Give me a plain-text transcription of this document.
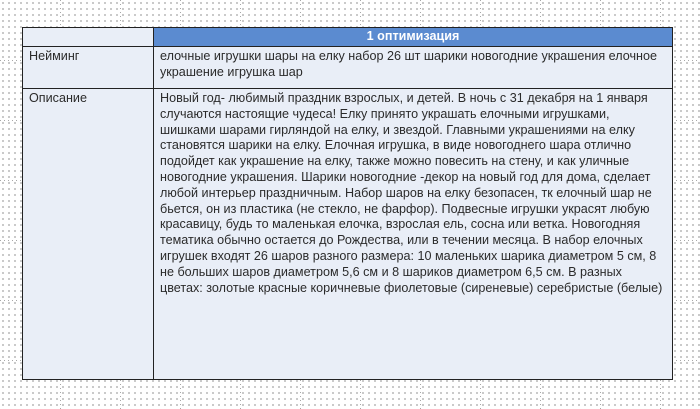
	1 оптимизация
Нейминг	елочные игрушки шары на елку набор 26 шт шарики новогодние украшения елочное украшение игрушка шар
Описание	Новый год- любимый праздник взрослых, и детей. В ночь с 31 декабря на 1 января случаются настоящие чудеса! Елку принято украшать елочными игрушками, шишками шарами гирляндой на елку, и звездой. Главными украшениями на елку становятся шарики на елку. Елочная игрушка, в виде новогоднего шара отлично подойдет как украшение на елку, также можно повесить на стену, и как уличные новогодние украшения. Шарики новогодние -декор на новый год для дома, сделает любой интерьер праздничным. Набор шаров на елку безопасен, тк елочный шар не бьется, он из пластика (не стекло, не фарфор). Подвесные игрушки украсят любую красавицу, будь то маленькая елочка, взрослая ель, сосна или ветка. Новогодняя тематика обычно остается до Рождества, или в течении месяца. В набор елочных игрушек входят 26 шаров разного размера: 10 маленьких шарика диаметром 5 см, 8 не больших шаров диаметром 5,6 см и 8 шариков диаметром 6,5 см. В разных цветах: золотые красные коричневые фиолетовые (сиреневые) серебристые (белые)
